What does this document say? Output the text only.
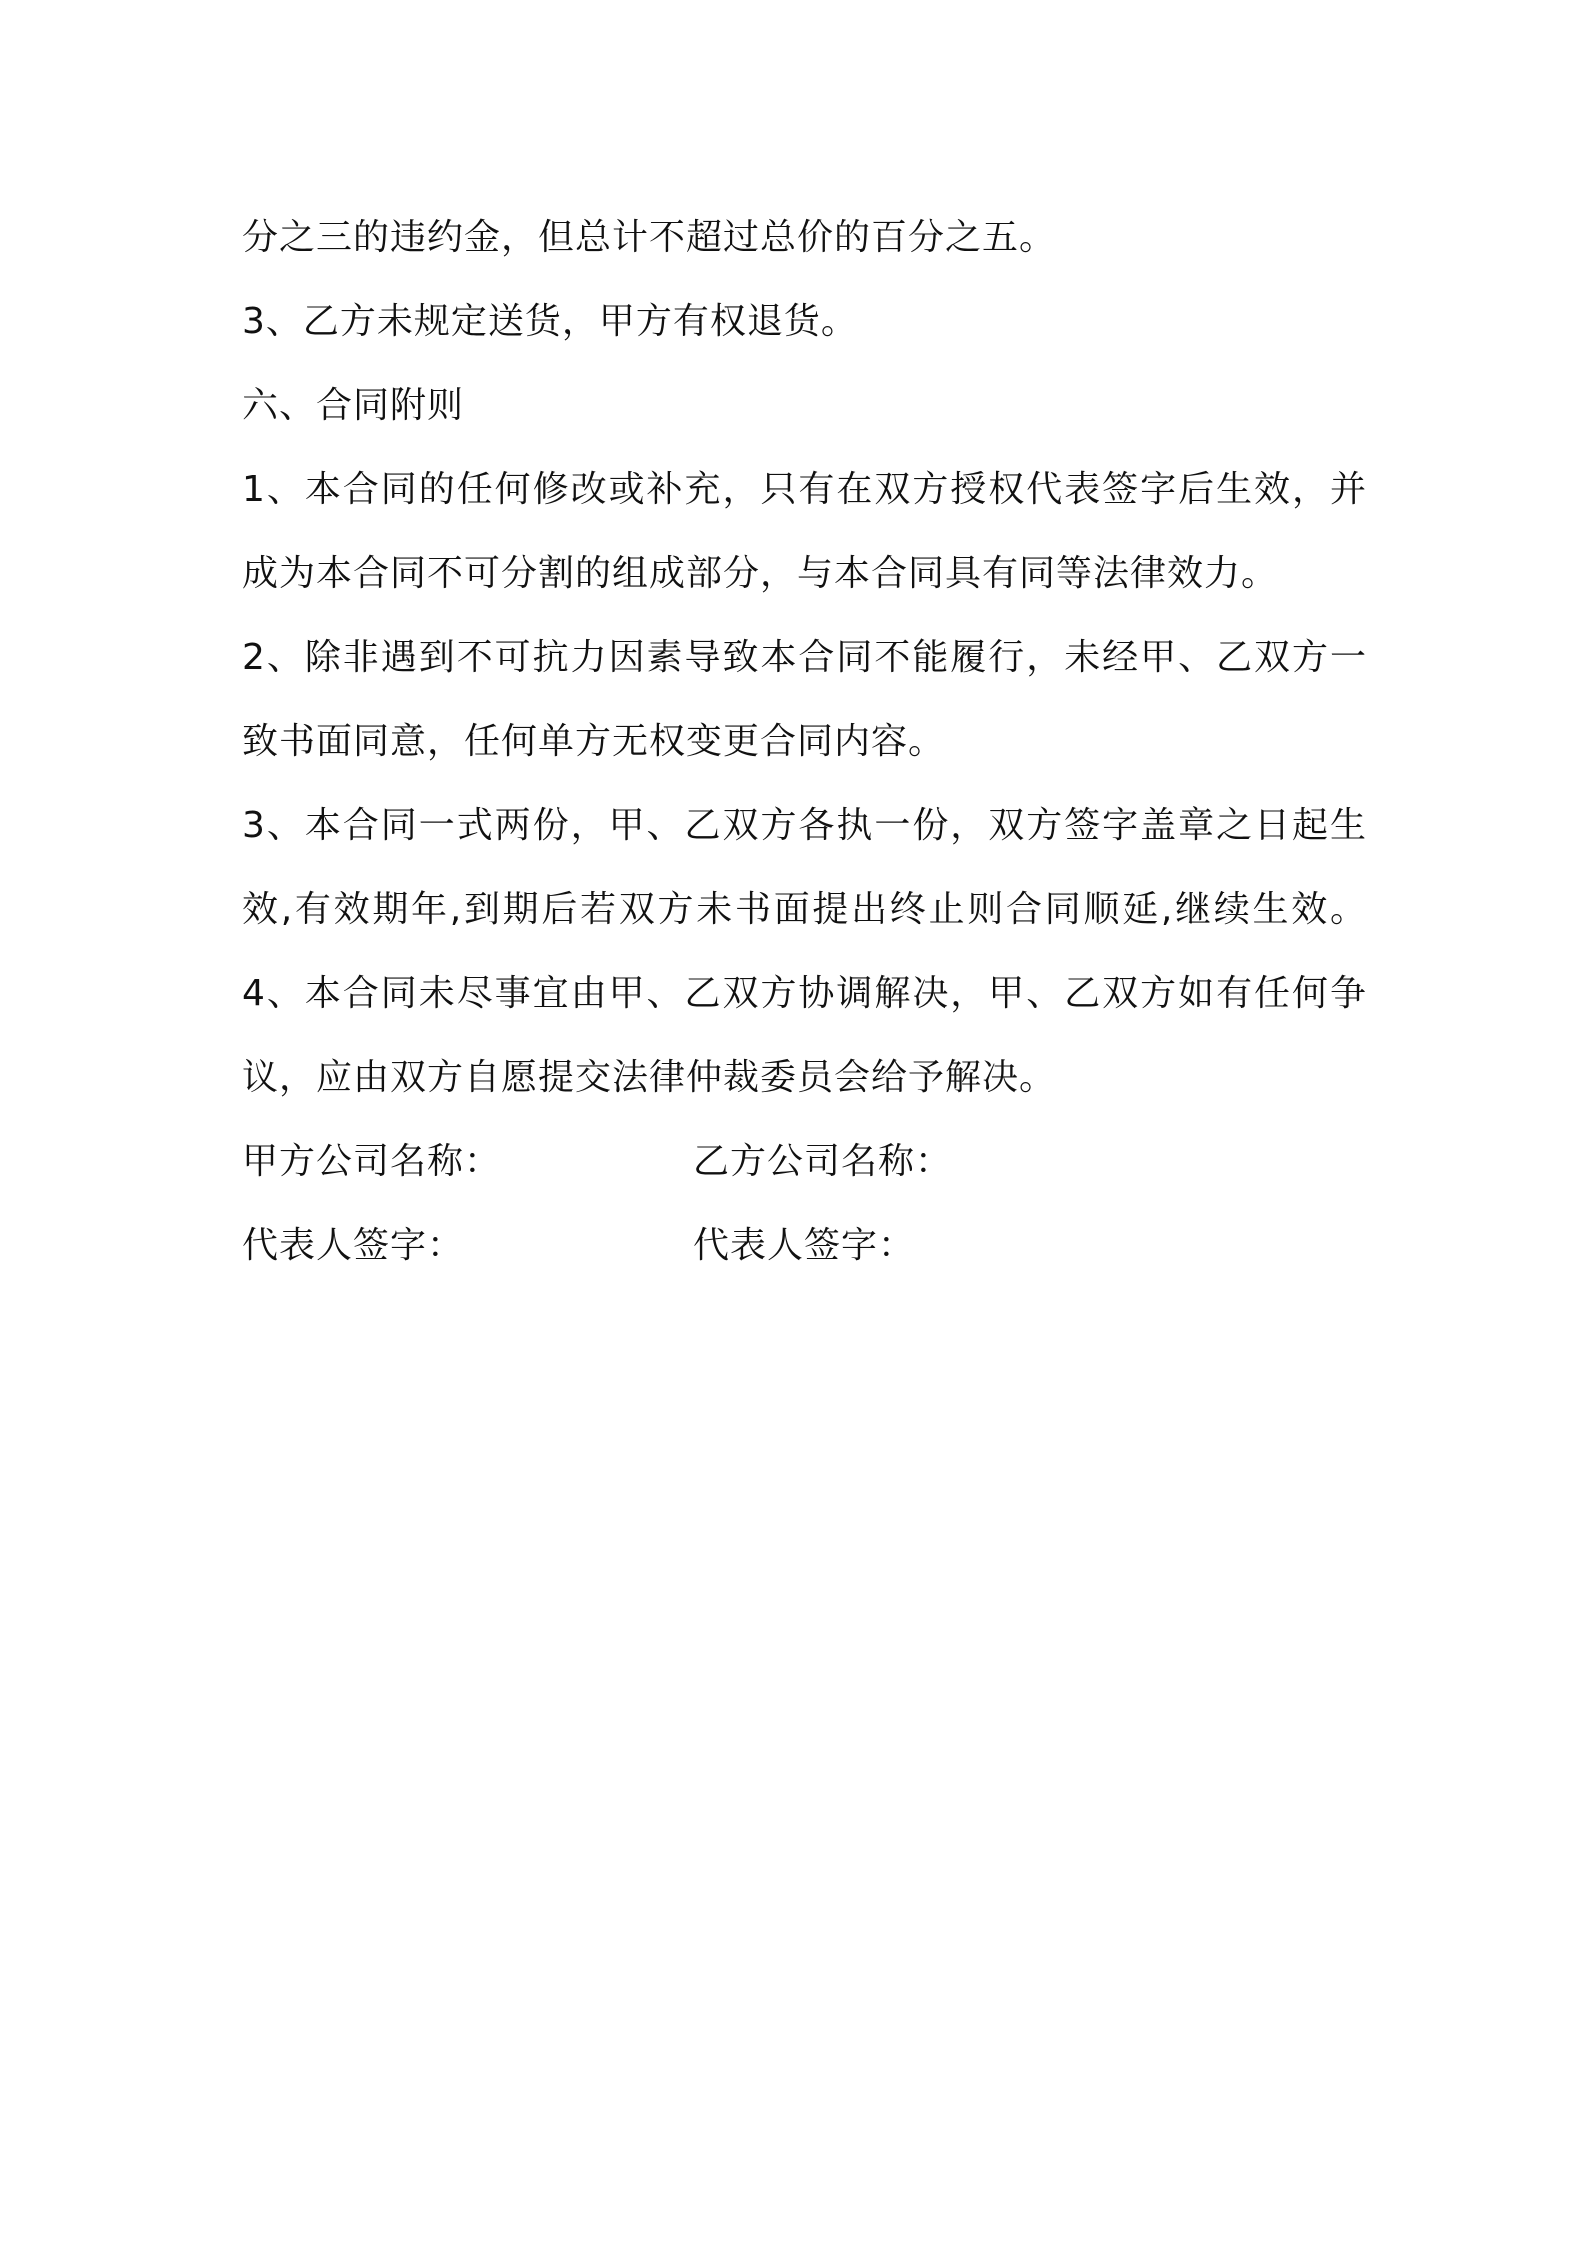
分之三的违约金，但总计不超过总价的百分之五。
3、乙方未规定送货，甲方有权退货。
六、合同附则
1、本合同的任何修改或补充，只有在双方授权代表签字后生效，并
成为本合同不可分割的组成部分，与本合同具有同等法律效力。
2、除非遇到不可抗力因素导致本合同不能履行，未经甲、乙双方一
致书面同意，任何单方无权变更合同内容。
3、本合同一式两份，甲、乙双方各执一份，双方签字盖章之日起生
效,有效期年,到期后若双方未书面提出终止则合同顺延,继续生效。
4、本合同未尽事宜由甲、乙双方协调解决，甲、乙双方如有任何争
议，应由双方自愿提交法律仲裁委员会给予解决。
甲方公司名称：	乙方公司名称：
代表人签字：	代表人签字：
